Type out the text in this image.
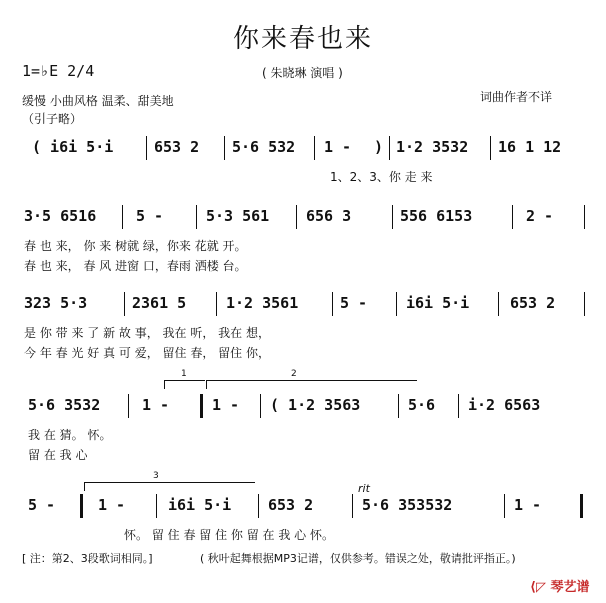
你来春也来
( 朱晓琳 演唱 )
1=♭E 2/4
缓慢 小曲风格 温柔、甜美地
（引子略）
词曲作者不详
( i6i 5·i	653 2 5·6 532 1 - ) 1·2 3532 16 1 12
1、2、3、你 走 来
3·5 6516	5 -	5·3 561 656 3	556 6153	2 -
春 也 来， 你 来 树就 绿，你来 花就 开。
春 也 来， 春 风 进窗 口，春雨 洒楼 台。
323 5·3	2361 5	1·2 3561	5 -	i6i 5·i	653 2
是 你 带 来 了 新 故 事， 我在 听， 我在 想，
今 年 春 光 好 真 可 爱， 留住 春， 留住 你，
1	2
5·6 3532	1 -	1 - ( 1·2 3563	5·6 i·2 6563
我 在 猜。 怀。
留 在 我 心
3
rit
5 -	1 -	i6i 5·i 653 2	5·6 353532	1 -
怀。 留 住 春 留 住 你 留 在 我 心 怀。
[ 注：第2、3段歌词相同。]	( 秋叶起舞根据MP3记谱，仅供参考。错误之处，敬请批评指正。)
⟨◸ 琴艺谱
